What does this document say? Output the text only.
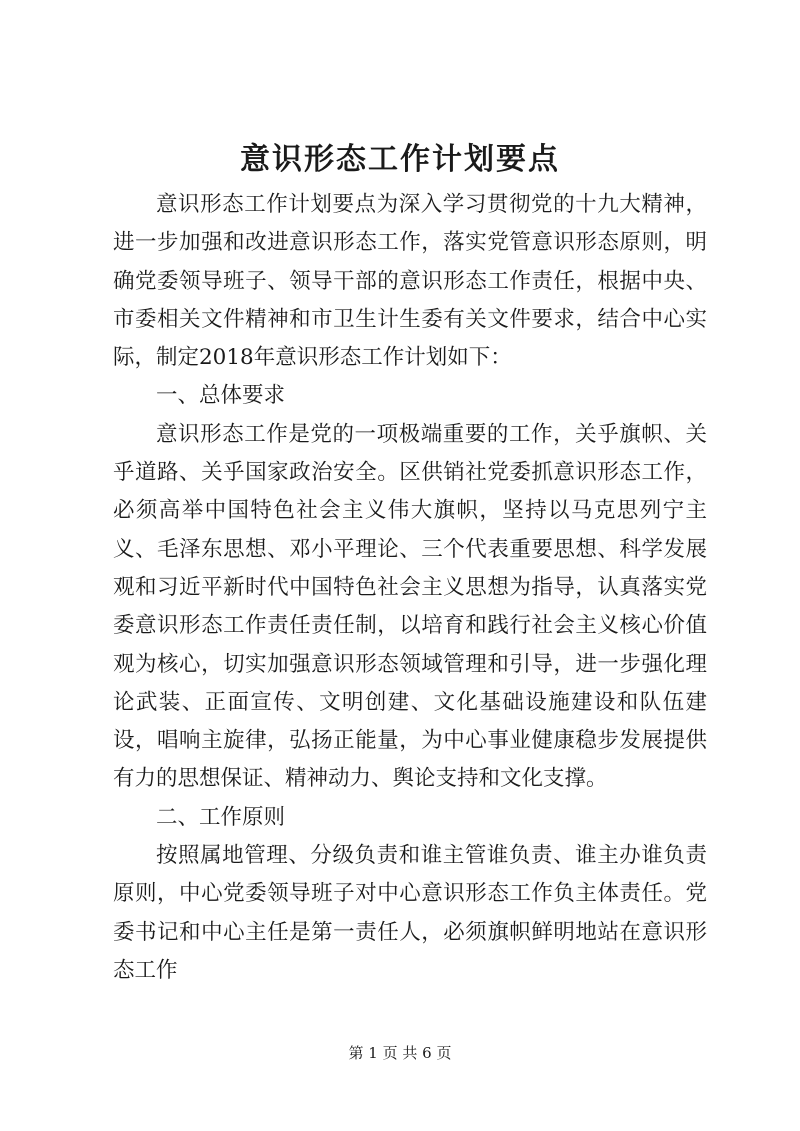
意识形态工作计划要点

意识形态工作计划要点为深入学习贯彻党的十九大精神，进一步加强和改进意识形态工作，落实党管意识形态原则，明确党委领导班子、领导干部的意识形态工作责任，根据中央、市委相关文件精神和市卫生计生委有关文件要求，结合中心实际，制定2018年意识形态工作计划如下：

一、总体要求

意识形态工作是党的一项极端重要的工作，关乎旗帜、关乎道路、关乎国家政治安全。区供销社党委抓意识形态工作，必须高举中国特色社会主义伟大旗帜，坚持以马克思列宁主义、毛泽东思想、邓小平理论、三个代表重要思想、科学发展观和习近平新时代中国特色社会主义思想为指导，认真落实党委意识形态工作责任责任制，以培育和践行社会主义核心价值观为核心，切实加强意识形态领域管理和引导，进一步强化理论武装、正面宣传、文明创建、文化基础设施建设和队伍建设，唱响主旋律，弘扬正能量，为中心事业健康稳步发展提供有力的思想保证、精神动力、舆论支持和文化支撑。

二、工作原则

按照属地管理、分级负责和谁主管谁负责、谁主办谁负责原则，中心党委领导班子对中心意识形态工作负主体责任。党委书记和中心主任是第一责任人，必须旗帜鲜明地站在意识形态工作

第 1 页 共 6 页
